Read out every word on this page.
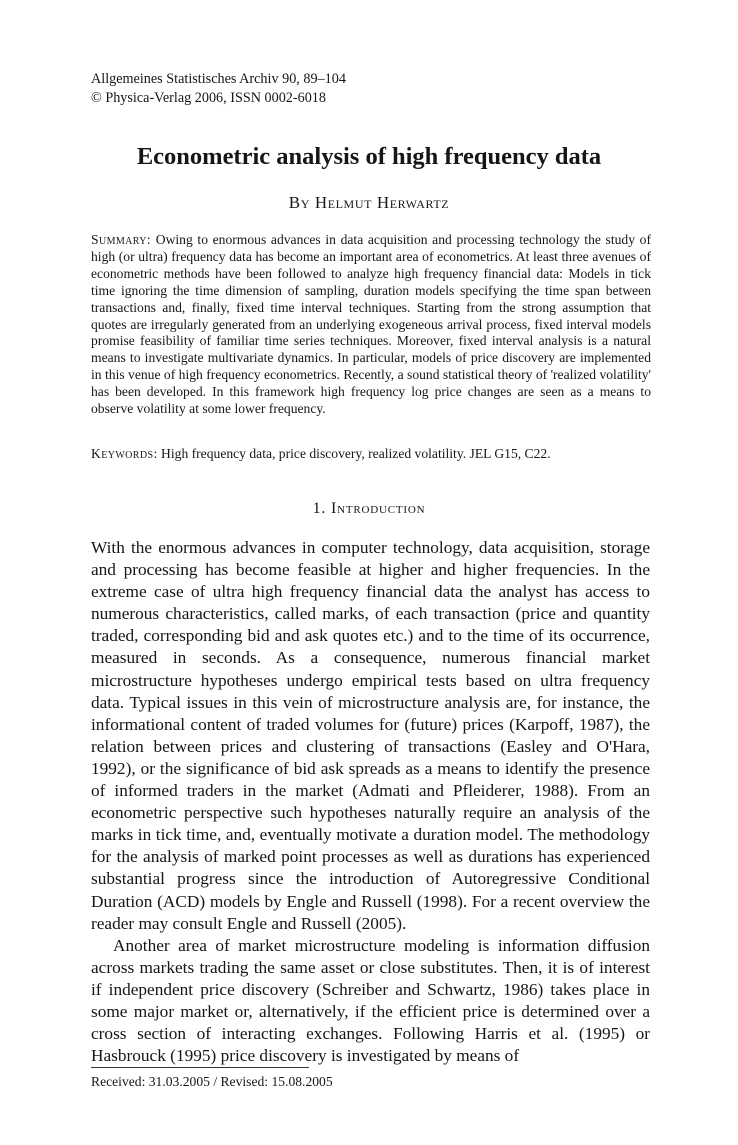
Allgemeines Statistisches Archiv 90, 89–104
© Physica-Verlag 2006, ISSN 0002-6018
Econometric analysis of high frequency data
By Helmut Herwartz
Summary: Owing to enormous advances in data acquisition and processing technology the study of high (or ultra) frequency data has become an important area of econometrics. At least three avenues of econometric methods have been followed to analyze high frequency financial data: Models in tick time ignoring the time dimension of sampling, duration models specifying the time span between transactions and, finally, fixed time interval techniques. Starting from the strong assumption that quotes are irregularly generated from an underlying exogeneous arrival process, fixed interval models promise feasibility of familiar time series techniques. Moreover, fixed interval analysis is a natural means to investigate multivariate dynamics. In particular, models of price discovery are implemented in this venue of high frequency econometrics. Recently, a sound statistical theory of 'realized volatility' has been developed. In this framework high frequency log price changes are seen as a means to observe volatility at some lower frequency.
Keywords: High frequency data, price discovery, realized volatility. JEL G15, C22.
1. Introduction

With the enormous advances in computer technology, data acquisition, storage and processing has become feasible at higher and higher frequencies. In the extreme case of ultra high frequency financial data the analyst has access to numerous characteristics, called marks, of each transaction (price and quantity traded, corresponding bid and ask quotes etc.) and to the time of its occurrence, measured in seconds. As a consequence, numerous financial market microstructure hypotheses undergo empirical tests based on ultra frequency data. Typical issues in this vein of microstructure analysis are, for instance, the informational content of traded volumes for (future) prices (Karpoff, 1987), the relation between prices and clustering of transactions (Easley and O'Hara, 1992), or the significance of bid ask spreads as a means to identify the presence of informed traders in the market (Admati and Pfleiderer, 1988). From an econometric perspective such hypotheses naturally require an analysis of the marks in tick time, and, eventually motivate a duration model. The methodology for the analysis of marked point processes as well as durations has experienced substantial progress since the introduction of Autoregressive Conditional Duration (ACD) models by Engle and Russell (1998). For a recent overview the reader may consult Engle and Russell (2005).

Another area of market microstructure modeling is information diffusion across markets trading the same asset or close substitutes. Then, it is of interest if independent price discovery (Schreiber and Schwartz, 1986) takes place in some major market or, alternatively, if the efficient price is determined over a cross section of interacting exchanges. Following Harris et al. (1995) or Hasbrouck (1995) price discovery is investigated by means of

Received: 31.03.2005 / Revised: 15.08.2005
